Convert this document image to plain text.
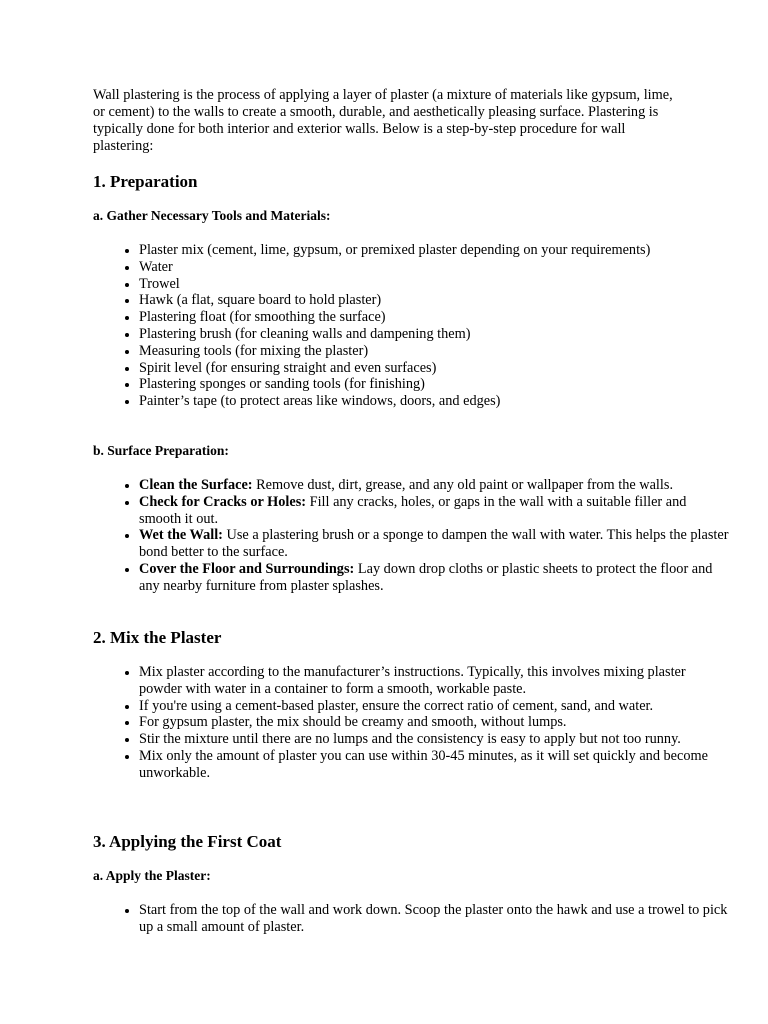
Wall plastering is the process of applying a layer of plaster (a mixture of materials like gypsum, lime, or cement) to the walls to create a smooth, durable, and aesthetically pleasing surface. Plastering is typically done for both interior and exterior walls. Below is a step-by-step procedure for wall plastering:

1. Preparation
a. Gather Necessary Tools and Materials:
• Plaster mix (cement, lime, gypsum, or premixed plaster depending on your requirements)
• Water
• Trowel
• Hawk (a flat, square board to hold plaster)
• Plastering float (for smoothing the surface)
• Plastering brush (for cleaning walls and dampening them)
• Measuring tools (for mixing the plaster)
• Spirit level (for ensuring straight and even surfaces)
• Plastering sponges or sanding tools (for finishing)
• Painter’s tape (to protect areas like windows, doors, and edges)
b. Surface Preparation:
• Clean the Surface: Remove dust, dirt, grease, and any old paint or wallpaper from the walls.
• Check for Cracks or Holes: Fill any cracks, holes, or gaps in the wall with a suitable filler and smooth it out.
• Wet the Wall: Use a plastering brush or a sponge to dampen the wall with water. This helps the plaster bond better to the surface.
• Cover the Floor and Surroundings: Lay down drop cloths or plastic sheets to protect the floor and any nearby furniture from plaster splashes.
2. Mix the Plaster
• Mix plaster according to the manufacturer’s instructions. Typically, this involves mixing plaster powder with water in a container to form a smooth, workable paste.
• If you're using a cement-based plaster, ensure the correct ratio of cement, sand, and water.
• For gypsum plaster, the mix should be creamy and smooth, without lumps.
• Stir the mixture until there are no lumps and the consistency is easy to apply but not too runny.
• Mix only the amount of plaster you can use within 30-45 minutes, as it will set quickly and become unworkable.
3. Applying the First Coat
a. Apply the Plaster:
• Start from the top of the wall and work down. Scoop the plaster onto the hawk and use a trowel to pick up a small amount of plaster.
